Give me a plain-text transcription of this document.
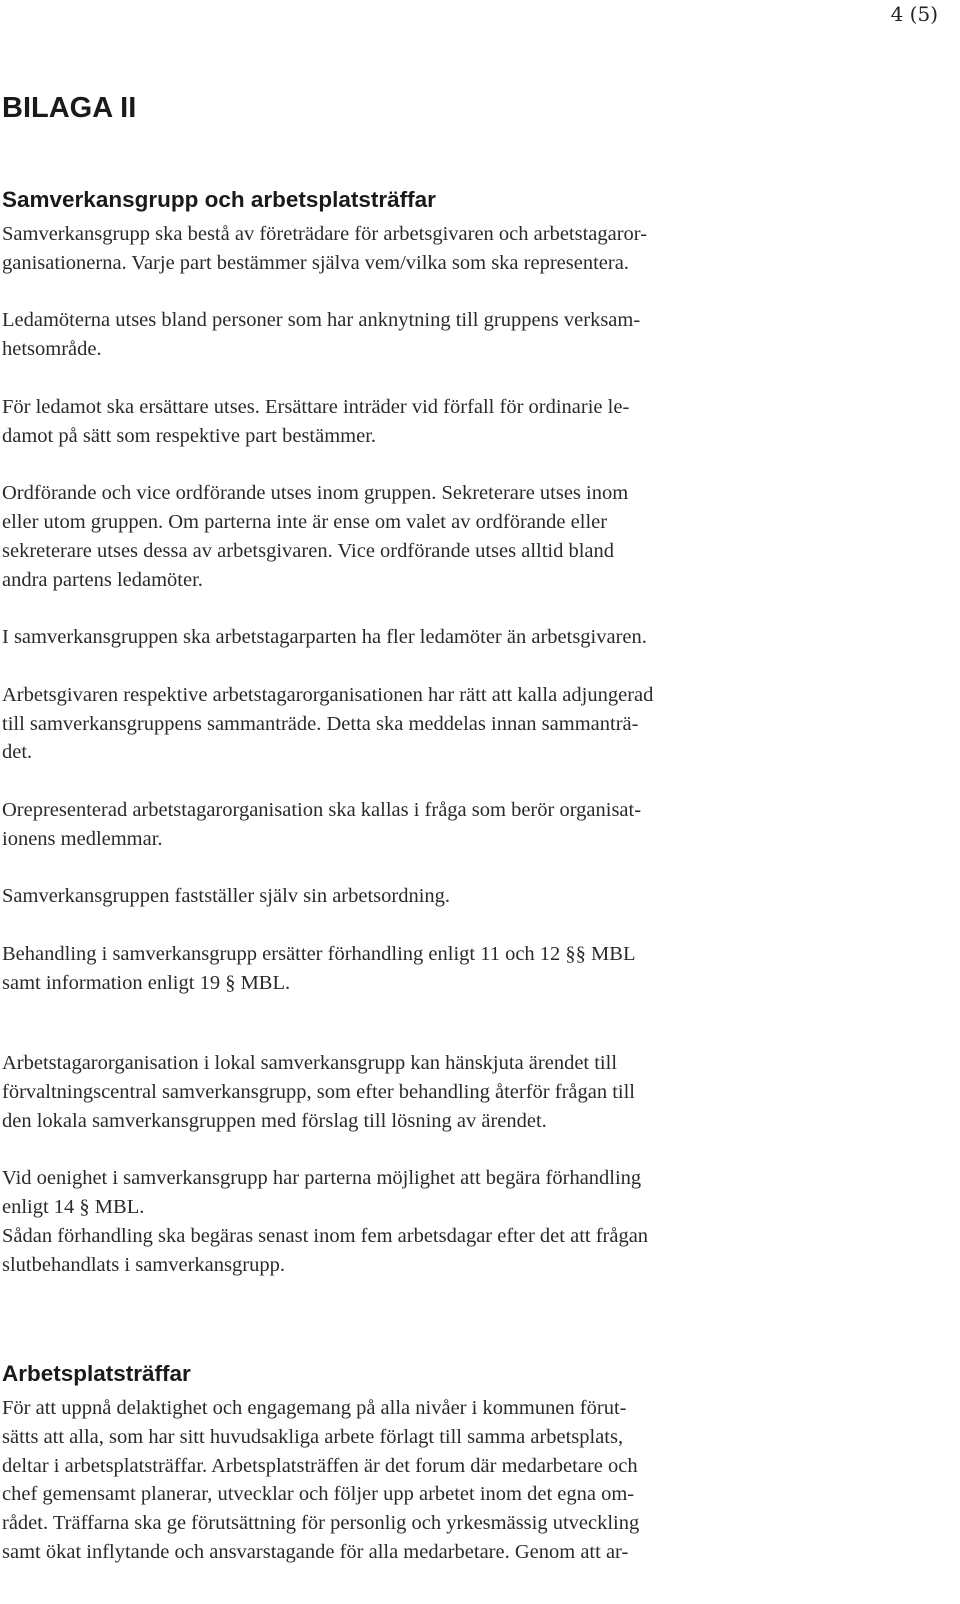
4 (5)
BILAGA II
Samverkansgrupp och arbetsplatsträffar
Samverkansgrupp ska bestå av företrädare för arbetsgivaren och arbetstagaror-
ganisationerna. Varje part bestämmer själva vem/vilka som ska representera.
Ledamöterna utses bland personer som har anknytning till gruppens verksam-
hetsområde.
För ledamot ska ersättare utses. Ersättare inträder vid förfall för ordinarie le-
damot på sätt som respektive part bestämmer.
Ordförande och vice ordförande utses inom gruppen. Sekreterare utses inom
eller utom gruppen. Om parterna inte är ense om valet av ordförande eller
sekreterare utses dessa av arbetsgivaren. Vice ordförande utses alltid bland
andra partens ledamöter.
I samverkansgruppen ska arbetstagarparten ha fler ledamöter än arbetsgivaren.
Arbetsgivaren respektive arbetstagarorganisationen har rätt att kalla adjungerad
till samverkansgruppens sammanträde. Detta ska meddelas innan sammanträ-
det.
Orepresenterad arbetstagarorganisation ska kallas i fråga som berör organisat-
ionens medlemmar.
Samverkansgruppen fastställer själv sin arbetsordning.
Behandling i samverkansgrupp ersätter förhandling enligt 11 och 12 §§ MBL
samt information enligt 19 § MBL.
Arbetstagarorganisation i lokal samverkansgrupp kan hänskjuta ärendet till
förvaltningscentral samverkansgrupp, som efter behandling återför frågan till
den lokala samverkansgruppen med förslag till lösning av ärendet.
Vid oenighet i samverkansgrupp har parterna möjlighet att begära förhandling
enligt 14 § MBL.
Sådan förhandling ska begäras senast inom fem arbetsdagar efter det att frågan
slutbehandlats i samverkansgrupp.
Arbetsplatsträffar
För att uppnå delaktighet och engagemang på alla nivåer i kommunen förut-
sätts att alla, som har sitt huvudsakliga arbete förlagt till samma arbetsplats,
deltar i arbetsplatsträffar. Arbetsplatsträffen är det forum där medarbetare och
chef gemensamt planerar, utvecklar och följer upp arbetet inom det egna om-
rådet. Träffarna ska ge förutsättning för personlig och yrkesmässig utveckling
samt ökat inflytande och ansvarstagande för alla medarbetare. Genom att ar-
